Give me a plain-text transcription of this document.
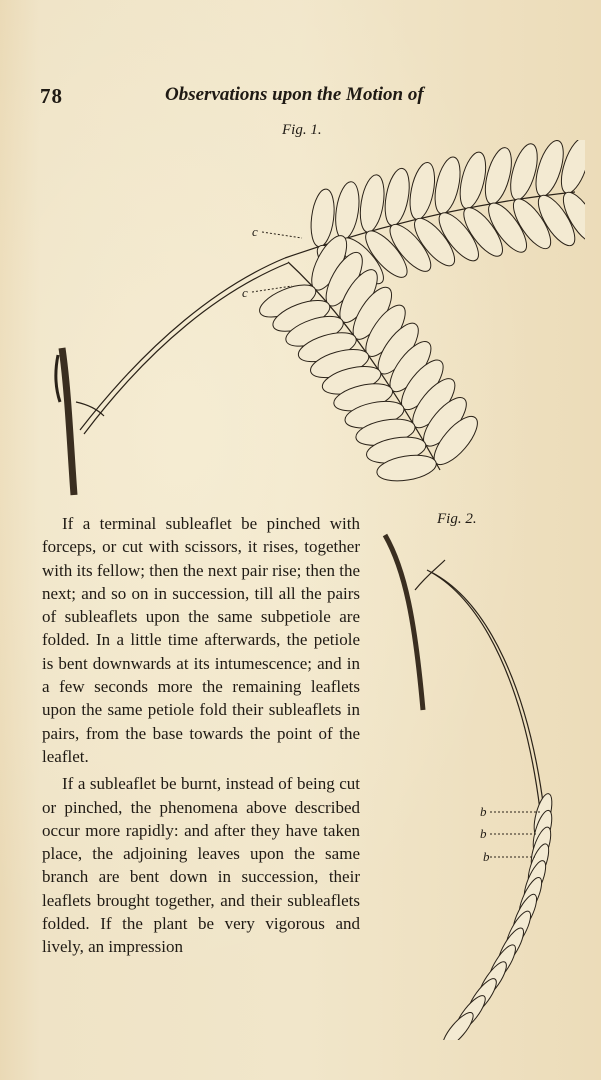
78	Observations upon the Motion of
Fig. 1.
c
c

If a terminal subleaflet be pinched with forceps, or cut with scissors, it rises, together with its fellow; then the next pair rise; then the next; and so on in succession, till all the pairs of subleaflets upon the same subpetiole are folded. In a little time afterwards, the petiole is bent downwards at its intumescence; and in a few seconds more the remaining leaflets upon the same petiole fold their subleaflets in pairs, from the base towards the point of the leaflet.

If a subleaflet be burnt, instead of being cut or pinched, the phenomena above described occur more rapidly: and after they have taken place, the adjoining leaves upon the same branch are bent down in succession, their leaflets brought together, and their subleaflets folded. If the plant be very vigorous and lively, an impression

Fig. 2.
b
b
b
